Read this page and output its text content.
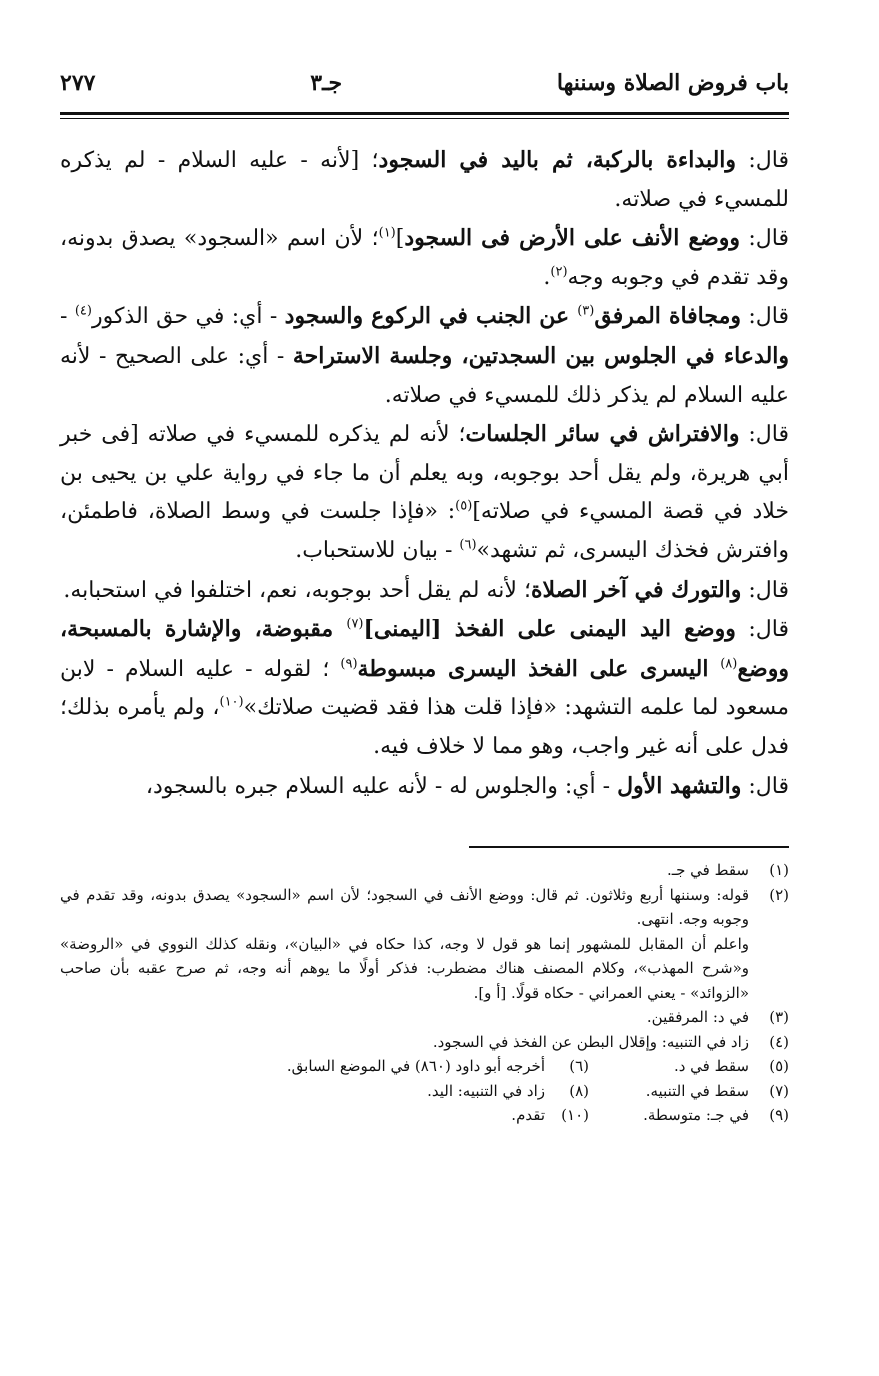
باب فروض الصلاة وسننها
جـ٣
٢٧٧

قال: والبداءة بالركبة، ثم باليد في السجود؛ [لأنه - عليه السلام - لم يذكره للمسيء في صلاته.

قال: ووضع الأنف على الأرض فى السجود]$^{(١)}$؛ لأن اسم «السجود» يصدق بدونه، وقد تقدم في وجوبه وجه$^{(٢)}$.

قال: ومجافاة المرفق$^{(٣)}$ عن الجنب في الركوع والسجود - أي: في حق الذكور$^{(٤)}$ - والدعاء في الجلوس بين السجدتين، وجلسة الاستراحة - أي: على الصحيح - لأنه عليه السلام لم يذكر ذلك للمسيء في صلاته.

قال: والافتراش في سائر الجلسات؛ لأنه لم يذكره للمسيء في صلاته [فى خبر أبي هريرة، ولم يقل أحد بوجوبه، وبه يعلم أن ما جاء في رواية علي بن يحيى بن خلاد في قصة المسيء في صلاته]$^{(٥)}$: «فإذا جلست في وسط الصلاة، فاطمئن، وافترش فخذك اليسرى، ثم تشهد»$^{(٦)}$ - بيان للاستحباب.

قال: والتورك في آخر الصلاة؛ لأنه لم يقل أحد بوجوبه، نعم، اختلفوا في استحبابه.

قال: ووضع اليد اليمنى على الفخذ [اليمنى]$^{(٧)}$ مقبوضة، والإشارة بالمسبحة، ووضع$^{(٨)}$ اليسرى على الفخذ اليسرى مبسوطة$^{(٩)}$ ؛ لقوله - عليه السلام - لابن مسعود لما علمه التشهد: «فإذا قلت هذا فقد قضيت صلاتك»$^{(١٠)}$، ولم يأمره بذلك؛ فدل على أنه غير واجب، وهو مما لا خلاف فيه.

قال: والتشهد الأول - أي: والجلوس له - لأنه عليه السلام جبره بالسجود،

(١)
سقط في جـ.
(٢)
قوله: وسننها أربع وثلاثون. ثم قال: ووضع الأنف في السجود؛ لأن اسم «السجود» يصدق بدونه، وقد تقدم في وجوبه وجه. انتهى.
واعلم أن المقابل للمشهور إنما هو قول لا وجه، كذا حكاه في «البيان»، ونقله كذلك النووي في «الروضة» و«شرح المهذب»، وكلام المصنف هناك مضطرب: فذكر أولًا ما يوهم أنه وجه، ثم صرح عقبه بأن صاحب «الزوائد» - يعني العمراني - حكاه قولًا. [أ و].
(٣)
في د: المرفقين.
(٤)
زاد في التنبيه: وإقلال البطن عن الفخذ في السجود.
(٥)
سقط في د.
(٦)
أخرجه أبو داود (٨٦٠) في الموضع السابق.
(٧)
سقط في التنبيه.
(٨)
زاد في التنبيه: اليد.
(٩)
في جـ: متوسطة.
(١٠)
تقدم.
